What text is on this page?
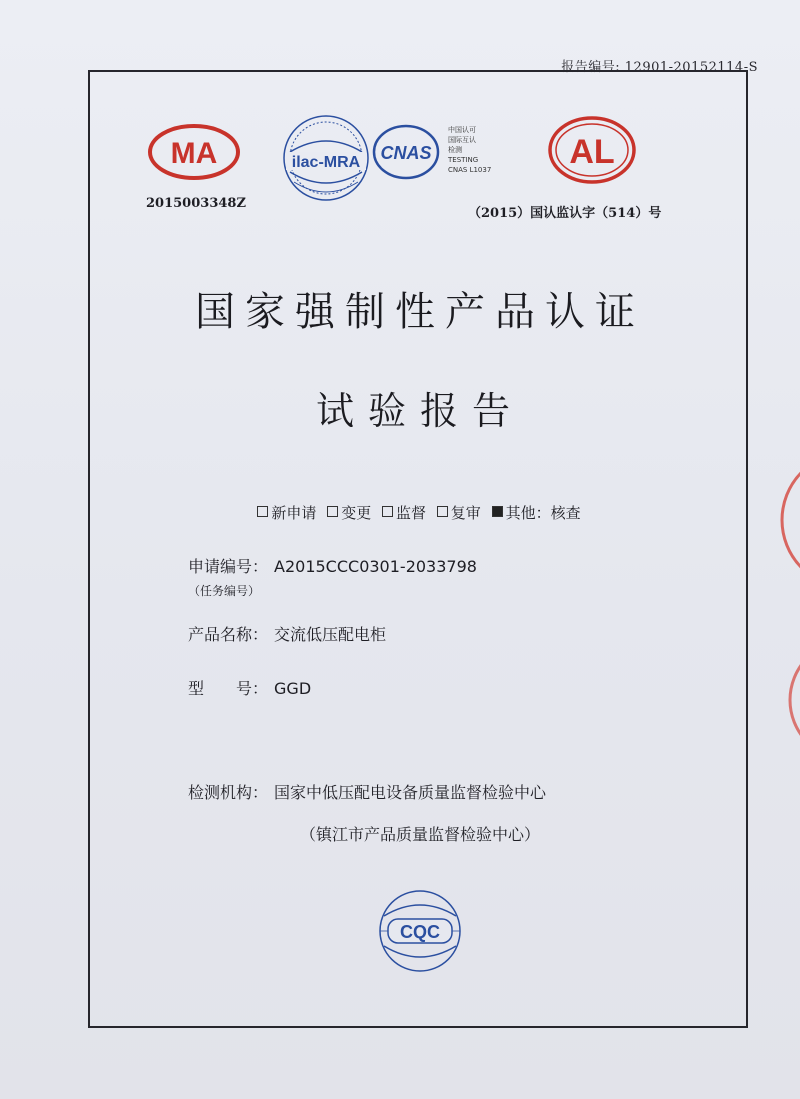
报告编号: 12901-20152114-S
MA
2015003348Z
ilac-MRA CNAS
中国认可
国际互认
检测
TESTING
CNAS L1037 AL
（2015）国认监认字（514）号
国家强制性产品认证
试验报告
新申请 变更 监督 复审 其他：核查
申请编号： A2015CCC0301-2033798
（任务编号）
产品名称： 交流低压配电柜
型　　号： GGD
检测机构： 国家中低压配电设备质量监督检验中心
（镇江市产品质量监督检验中心）
CQC
